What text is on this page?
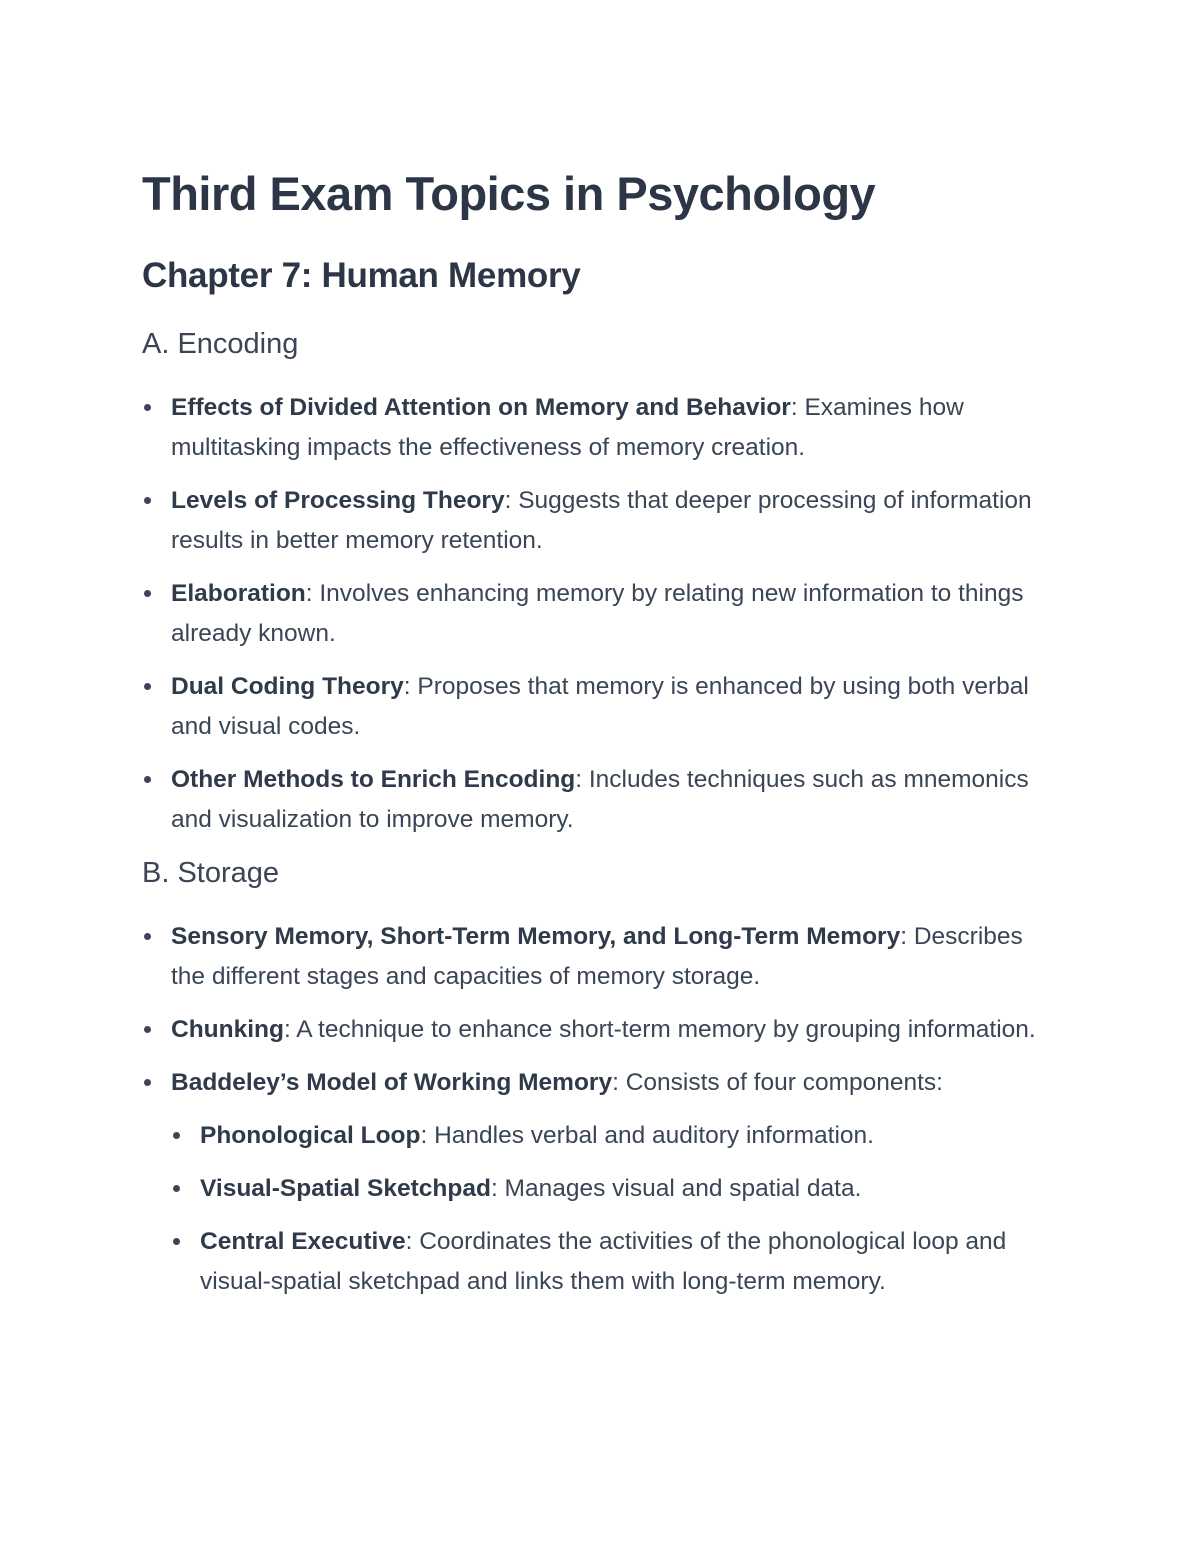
Third Exam Topics in Psychology
Chapter 7: Human Memory
A. Encoding
Effects of Divided Attention on Memory and Behavior: Examines how multitasking impacts the effectiveness of memory creation.
Levels of Processing Theory: Suggests that deeper processing of information results in better memory retention.
Elaboration: Involves enhancing memory by relating new information to things already known.
Dual Coding Theory: Proposes that memory is enhanced by using both verbal and visual codes.
Other Methods to Enrich Encoding: Includes techniques such as mnemonics and visualization to improve memory.
B. Storage
Sensory Memory, Short-Term Memory, and Long-Term Memory: Describes the different stages and capacities of memory storage.
Chunking: A technique to enhance short-term memory by grouping information.
Baddeley’s Model of Working Memory: Consists of four components:
Phonological Loop: Handles verbal and auditory information.
Visual-Spatial Sketchpad: Manages visual and spatial data.
Central Executive: Coordinates the activities of the phonological loop and visual-spatial sketchpad and links them with long-term memory.
